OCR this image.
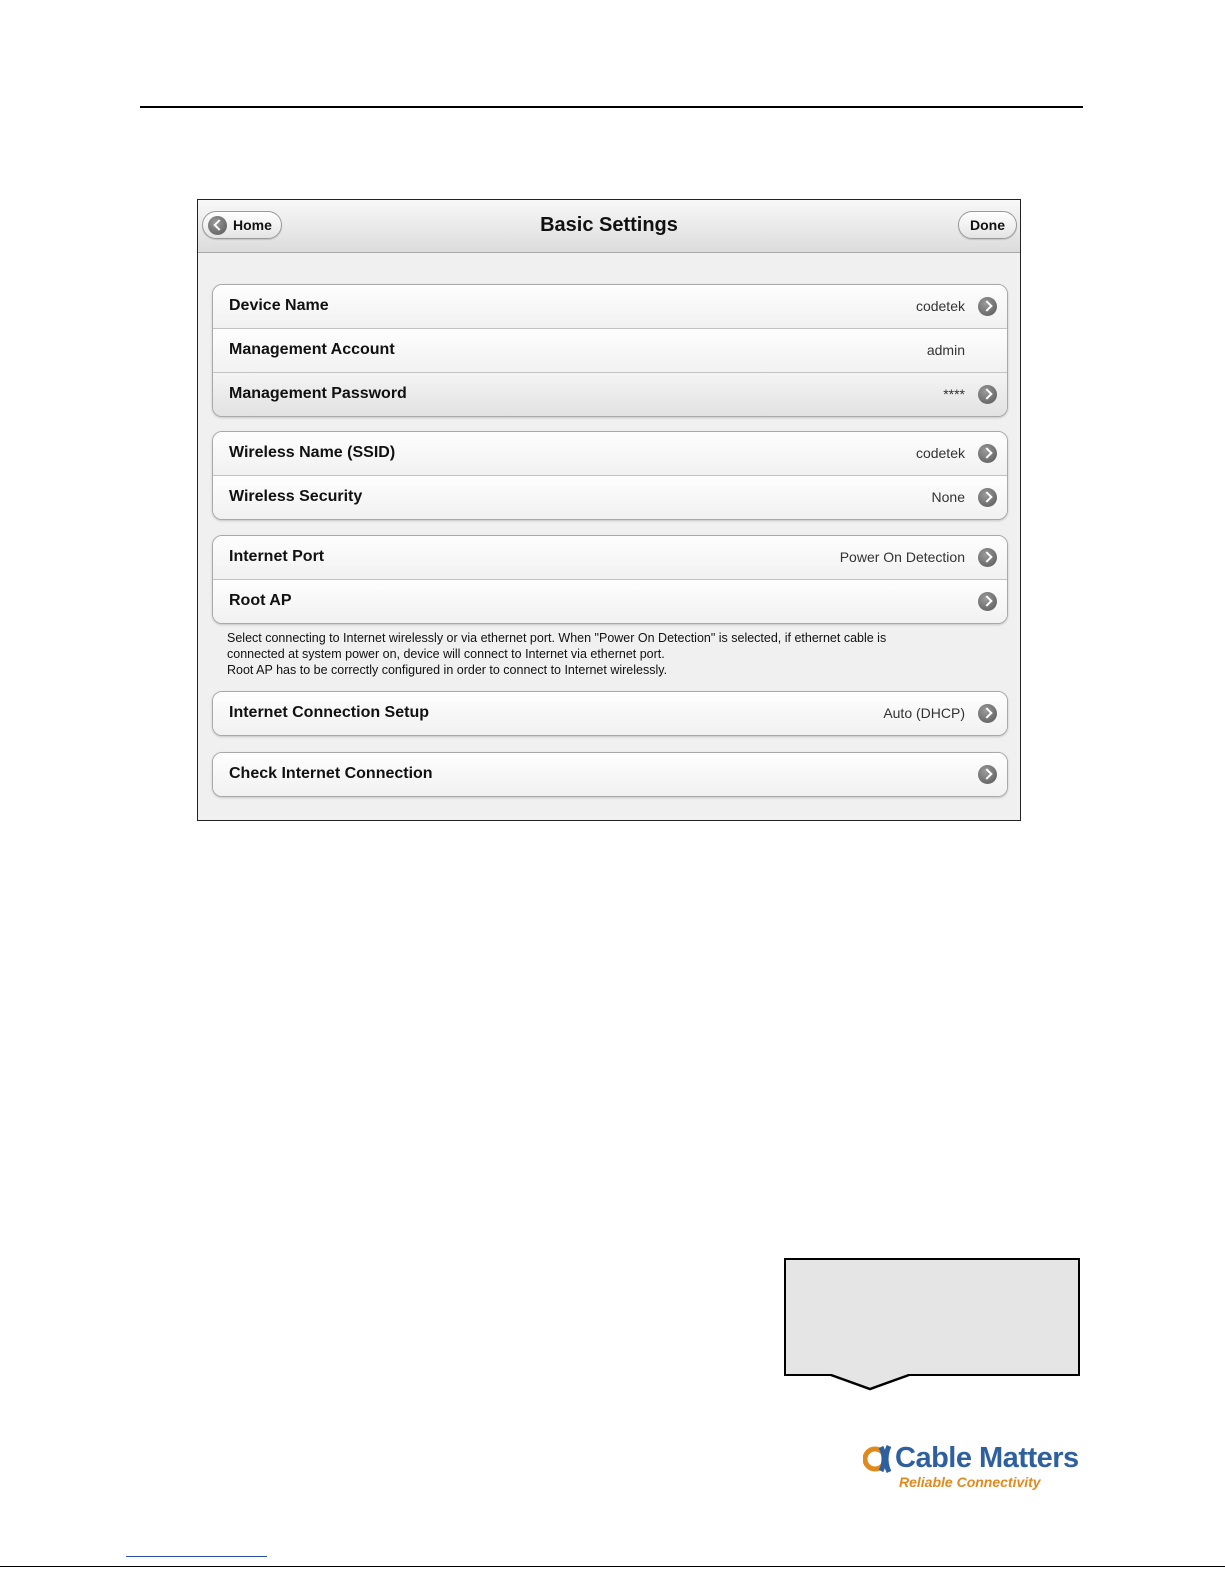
Home	Basic Settings	Done
Device Name	codetek
Management Account	admin
Management Password	****
Wireless Name (SSID)	codetek
Wireless Security	None
Internet Port	Power On Detection
Root AP
Select connecting to Internet wirelessly or via ethernet port. When "Power On Detection" is selected, if ethernet cable is
connected at system power on, device will connect to Internet via ethernet port.
Root AP has to be correctly configured in order to connect to Internet wirelessly.
Internet Connection Setup	Auto (DHCP)
Check Internet Connection
Cable Matters
Reliable Connectivity
